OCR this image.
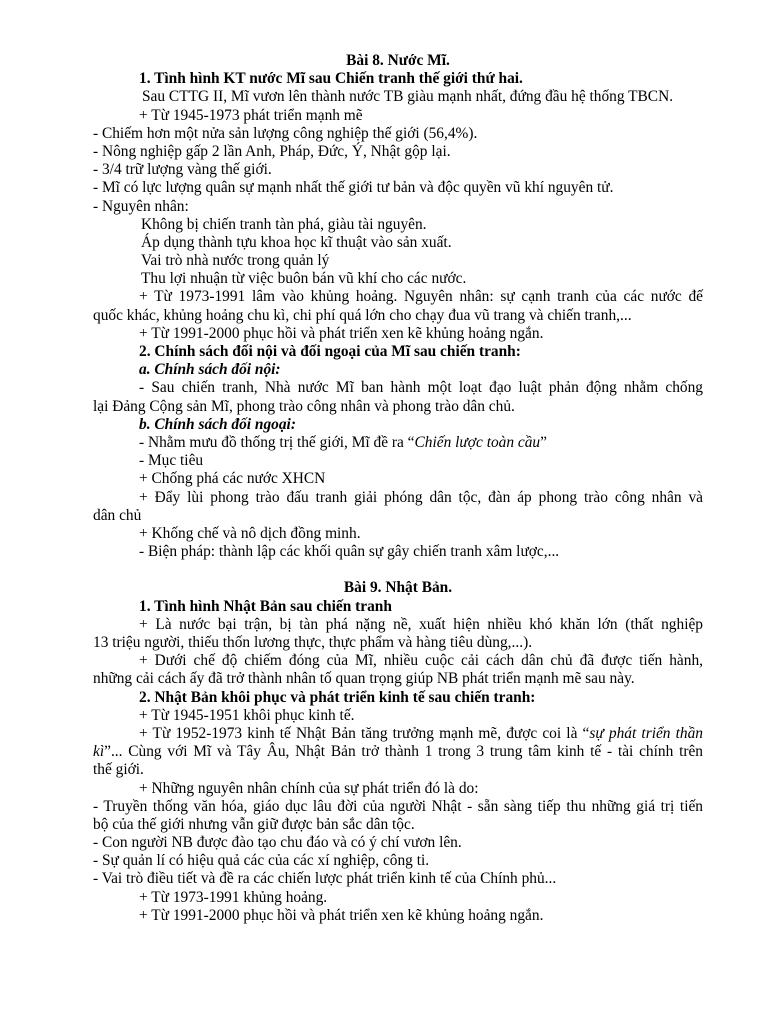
Bài 8. Nước Mĩ.
1. Tình hình KT nước Mĩ sau Chiến tranh thế giới thứ hai.
Sau CTTG II, Mĩ vươn lên thành nước TB giàu mạnh nhất, đứng đầu hệ thống TBCN.
+ Từ 1945-1973 phát triển mạnh mẽ
- Chiếm hơn một nửa sản lượng công nghiệp thế giới (56,4%).
- Nông nghiệp gấp 2 lần Anh, Pháp, Đức, Ý, Nhật gộp lại.
- 3/4 trữ lượng vàng thế giới.
- Mĩ có lực lượng quân sự mạnh nhất thế giới tư bản và độc quyền vũ khí nguyên tử.
- Nguyên nhân:
Không bị chiến tranh tàn phá, giàu tài nguyên.
Áp dụng thành tựu khoa học kĩ thuật vào sản xuất.
Vai trò nhà nước trong quản lý
Thu lợi nhuận từ việc buôn bán vũ khí cho các nước.
+ Từ 1973-1991 lâm vào khủng hoảng. Nguyên nhân: sự cạnh tranh của các nước đế
quốc khác, khủng hoảng chu kì, chi phí quá lớn cho chạy đua vũ trang và chiến tranh,...
+ Từ 1991-2000 phục hồi và phát triển xen kẽ khủng hoảng ngắn.
2. Chính sách đối nội và đối ngoại của Mĩ sau chiến tranh:
a. Chính sách đối nội:
- Sau chiến tranh, Nhà nước Mĩ ban hành một loạt đạo luật phản động nhằm chống
lại Đảng Cộng sản Mĩ, phong trào công nhân và phong trào dân chủ.
b. Chính sách đối ngoại:
- Nhằm mưu đồ thống trị thế giới, Mĩ đề ra “Chiến lược toàn cầu”
- Mục tiêu
+ Chống phá các nước XHCN
+ Đẩy lùi phong trào đấu tranh giải phóng dân tộc, đàn áp phong trào công nhân và
dân chủ
+ Khống chế và nô dịch đồng minh.
- Biện pháp: thành lập các khối quân sự gây chiến tranh xâm lược,...
Bài 9. Nhật Bản.
1. Tình hình Nhật Bản sau chiến tranh
+ Là nước bại trận, bị tàn phá nặng nề, xuất hiện nhiều khó khăn lớn (thất nghiệp
13 triệu người, thiếu thốn lương thực, thực phẩm và hàng tiêu dùng,...).
+ Dưới chế độ chiếm đóng của Mĩ, nhiều cuộc cải cách dân chủ đã được tiến hành,
những cải cách ấy đã trở thành nhân tố quan trọng giúp NB phát triển mạnh mẽ sau này.
2. Nhật Bản khôi phục và phát triển kinh tế sau chiến tranh:
+ Từ 1945-1951 khôi phục kinh tế.
+ Từ 1952-1973 kinh tế Nhật Bản tăng trưởng mạnh mẽ, được coi là “sự phát triển thần
kì”... Cùng với Mĩ và Tây Âu, Nhật Bản trở thành 1 trong 3 trung tâm kinh tế - tài chính trên
thế giới.
+ Những nguyên nhân chính của sự phát triển đó là do:
- Truyền thống văn hóa, giáo dục lâu đời của người Nhật - sẵn sàng tiếp thu những giá trị tiến
bộ của thế giới nhưng vẫn giữ được bản sắc dân tộc.
- Con người NB được đào tạo chu đáo và có ý chí vươn lên.
- Sự quản lí có hiệu quả các của các xí nghiệp, công ti.
- Vai trò điều tiết và đề ra các chiến lược phát triển kinh tế của Chính phủ...
+ Từ 1973-1991 khủng hoảng.
+ Từ 1991-2000 phục hồi và phát triển xen kẽ khủng hoảng ngắn.
